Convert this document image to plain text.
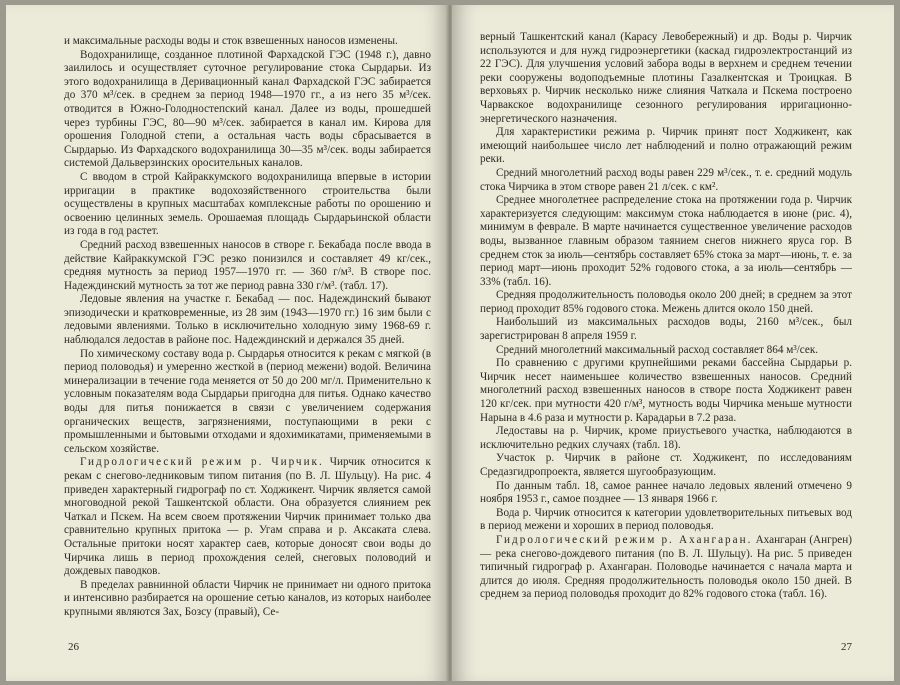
и максимальные расходы воды и сток взвешенных наносов изменены.

Водохранилище, созданное плотиной Фархадской ГЭС (1948 г.), давно заилилось и осуществляет суточное регулирование стока Сырдарьи. Из этого водохранилища в Деривационный канал Фархадской ГЭС забирается до 370 м³/сек. в среднем за период 1948—1970 гг., а из него 35 м³/сек. отводится в Южно-Голодностепский канал. Далее из воды, прошедшей через турбины ГЭС, 80—90 м³/сек. забирается в канал им. Кирова для орошения Голодной степи, а остальная часть воды сбрасывается в Сырдарью. Из Фархадского водохранилища 30—35 м³/сек. воды забирается системой Дальверзинских оросительных каналов.

С вводом в строй Кайраккумского водохранилища впервые в истории ирригации в практике водохозяйственного строительства были осуществлены в крупных масштабах комплексные работы по орошению и освоению целинных земель. Орошаемая площадь Сырдарьинской области из года в год растет.

Средний расход взвешенных наносов в створе г. Бекабада после ввода в действие Кайраккумской ГЭС резко понизился и составляет 49 кг/сек., средняя мутность за период 1957—1970 гг. — 360 г/м³. В створе пос. Надеждинский мутность за тот же период равна 330 г/м³. (табл. 17).

Ледовые явления на участке г. Бекабад — пос. Надеждинский бывают эпизодически и кратковременные, из 28 зим (1943—1970 гг.) 16 зим были с ледовыми явлениями. Только в исключительно холодную зиму 1968-69 г. наблюдался ледостав в районе пос. Надеждинский и держался 35 дней.

По химическому составу вода р. Сырдарья относится к рекам с мягкой (в период половодья) и умеренно жесткой в (период межени) водой. Величина минерализации в течение года меняется от 50 до 200 мг/л. Применительно к условным показателям вода Сырдарьи пригодна для питья. Однако качество воды для питья понижается в связи с увеличением содержания органических веществ, загрязнениями, поступающими в реки с промышленными и бытовыми отходами и ядохимикатами, применяемыми в сельском хозяйстве.

Гидрологический режим р. Чирчик. Чирчик относится к рекам с снегово-ледниковым типом питания (по В. Л. Шульцу). На рис. 4 приведен характерный гидрограф по ст. Ходжикент. Чирчик является самой многоводной рекой Ташкентской области. Она образуется слиянием рек Чаткал и Пскем. На всем своем протяжении Чирчик принимает только два сравнительно крупных притока — р. Угам справа и р. Аксаката слева. Остальные притоки носят характер саев, которые доносят свои воды до Чирчика лишь в период прохождения селей, снеговых половодий и дождевых паводков.

В пределах равнинной области Чирчик не принимает ни одного притока и интенсивно разбирается на орошение сетью каналов, из которых наиболее крупными являются Зах, Бозсу (правый), Се-

26

верный Ташкентский канал (Карасу Левобережный) и др. Воды р. Чирчик используются и для нужд гидроэнергетики (каскад гидроэлектростанций из 22 ГЭС). Для улучшения условий забора воды в верхнем и среднем течении реки сооружены водоподъемные плотины Газалкентская и Троицкая. В верховьях р. Чирчик несколько ниже слияния Чаткала и Пскема построено Чарвакское водохранилище сезонного регулирования ирригационно-энергетического назначения.

Для характеристики режима р. Чирчик принят пост Ходжикент, как имеющий наибольшее число лет наблюдений и полно отражающий режим реки.

Средний многолетний расход воды равен 229 м³/сек., т. е. средний модуль стока Чирчика в этом створе равен 21 л/сек. с км².

Среднее многолетнее распределение стока на протяжении года р. Чирчик характеризуется следующим: максимум стока наблюдается в июне (рис. 4), минимум в феврале. В марте начинается существенное увеличение расходов воды, вызванное главным образом таянием снегов нижнего яруса гор. В среднем сток за июль—сентябрь составляет 65% стока за март—июнь, т. е. за период март—июнь проходит 52% годового стока, а за июль—сентябрь — 33% (табл. 16).

Средняя продолжительность половодья около 200 дней; в среднем за этот период проходит 85% годового стока. Межень длится около 150 дней.

Наибольший из максимальных расходов воды, 2160 м³/сек., был зарегистрирован 8 апреля 1959 г.

Средний многолетний максимальный расход составляет 864 м³/сек.

По сравнению с другими крупнейшими реками бассейна Сырдарьи р. Чирчик несет наименьшее количество взвешенных наносов. Средний многолетний расход взвешенных наносов в створе поста Ходжикент равен 120 кг/сек. при мутности 420 г/м³, мутность воды Чирчика меньше мутности Нарына в 4.6 раза и мутности р. Карадарьи в 7.2 раза.

Ледоставы на р. Чирчик, кроме приустьевого участка, наблюдаются в исключительно редких случаях (табл. 18).

Участок р. Чирчик в районе ст. Ходжикент, по исследованиям Средазгидропроекта, является шугообразующим.

По данным табл. 18, самое раннее начало ледовых явлений отмечено 9 ноября 1953 г., самое позднее — 13 января 1966 г.

Вода р. Чирчик относится к категории удовлетворительных питьевых вод в период межени и хороших в период половодья.

Гидрологический режим р. Ахангаран. Ахангаран (Ангрен) — река снегово-дождевого питания (по В. Л. Шульцу). На рис. 5 приведен типичный гидрограф р. Ахангаран. Половодье начинается с начала марта и длится до июля. Средняя продолжительность половодья около 150 дней. В среднем за период половодья проходит до 82% годового стока (табл. 16).

27
